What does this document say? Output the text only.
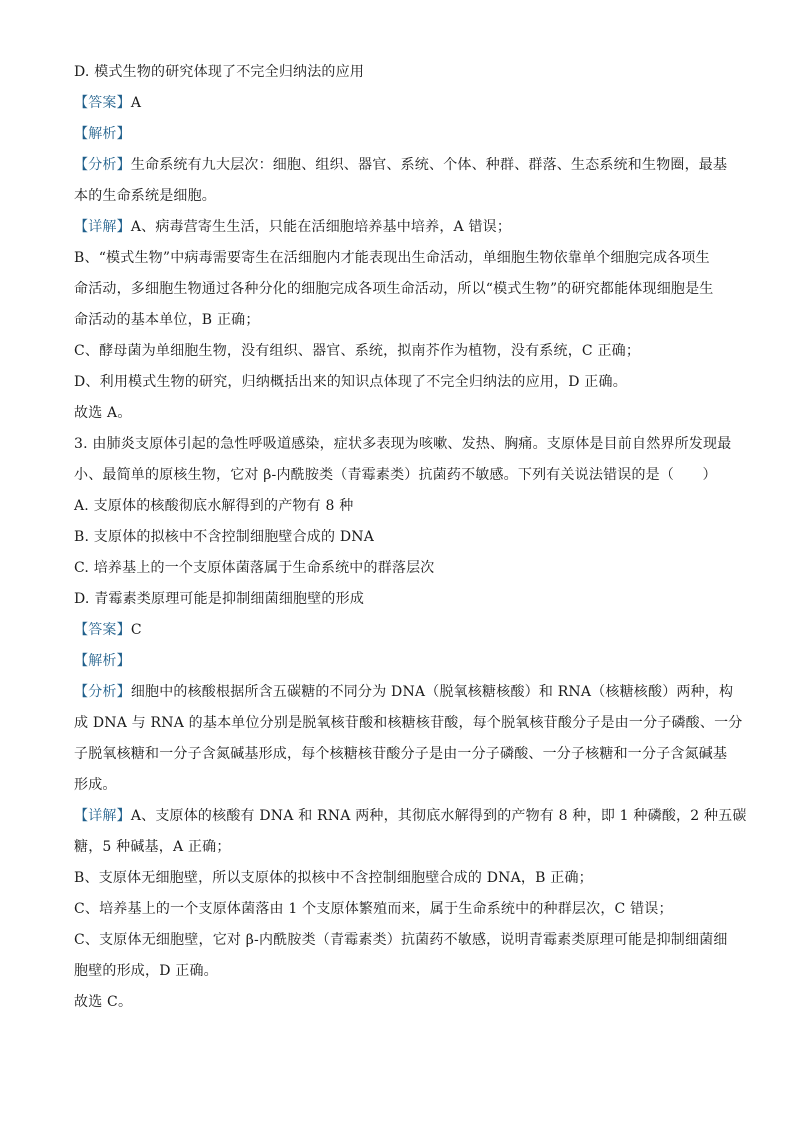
D. 模式生物的研究体现了不完全归纳法的应用
【答案】A
【解析】
【分析】生命系统有九大层次：细胞、组织、器官、系统、个体、种群、群落、生态系统和生物圈，最基
本的生命系统是细胞。
【详解】A、病毒营寄生生活，只能在活细胞培养基中培养，A 错误；
B、“模式生物”中病毒需要寄生在活细胞内才能表现出生命活动，单细胞生物依靠单个细胞完成各项生
命活动，多细胞生物通过各种分化的细胞完成各项生命活动，所以“模式生物”的研究都能体现细胞是生
命活动的基本单位，B 正确；
C、酵母菌为单细胞生物，没有组织、器官、系统，拟南芥作为植物，没有系统，C 正确；
D、利用模式生物的研究，归纳概括出来的知识点体现了不完全归纳法的应用，D 正确。
故选 A。
3. 由肺炎支原体引起的急性呼吸道感染，症状多表现为咳嗽、发热、胸痛。支原体是目前自然界所发现最
小、最简单的原核生物，它对 β-内酰胺类（青霉素类）抗菌药不敏感。下列有关说法错误的是（　　）
A. 支原体的核酸彻底水解得到的产物有 8 种
B. 支原体的拟核中不含控制细胞壁合成的 DNA
C. 培养基上的一个支原体菌落属于生命系统中的群落层次
D. 青霉素类原理可能是抑制细菌细胞壁的形成
【答案】C
【解析】
【分析】细胞中的核酸根据所含五碳糖的不同分为 DNA（脱氧核糖核酸）和 RNA（核糖核酸）两种，构
成 DNA 与 RNA 的基本单位分别是脱氧核苷酸和核糖核苷酸，每个脱氧核苷酸分子是由一分子磷酸、一分
子脱氧核糖和一分子含氮碱基形成，每个核糖核苷酸分子是由一分子磷酸、一分子核糖和一分子含氮碱基
形成。
【详解】A、支原体的核酸有 DNA 和 RNA 两种，其彻底水解得到的产物有 8 种，即 1 种磷酸，2 种五碳
糖，5 种碱基，A 正确；
B、支原体无细胞壁，所以支原体的拟核中不含控制细胞壁合成的 DNA，B 正确；
C、培养基上的一个支原体菌落由 1 个支原体繁殖而来，属于生命系统中的种群层次，C 错误；
C、支原体无细胞壁，它对 β-内酰胺类（青霉素类）抗菌药不敏感，说明青霉素类原理可能是抑制细菌细
胞壁的形成，D 正确。
故选 C。
